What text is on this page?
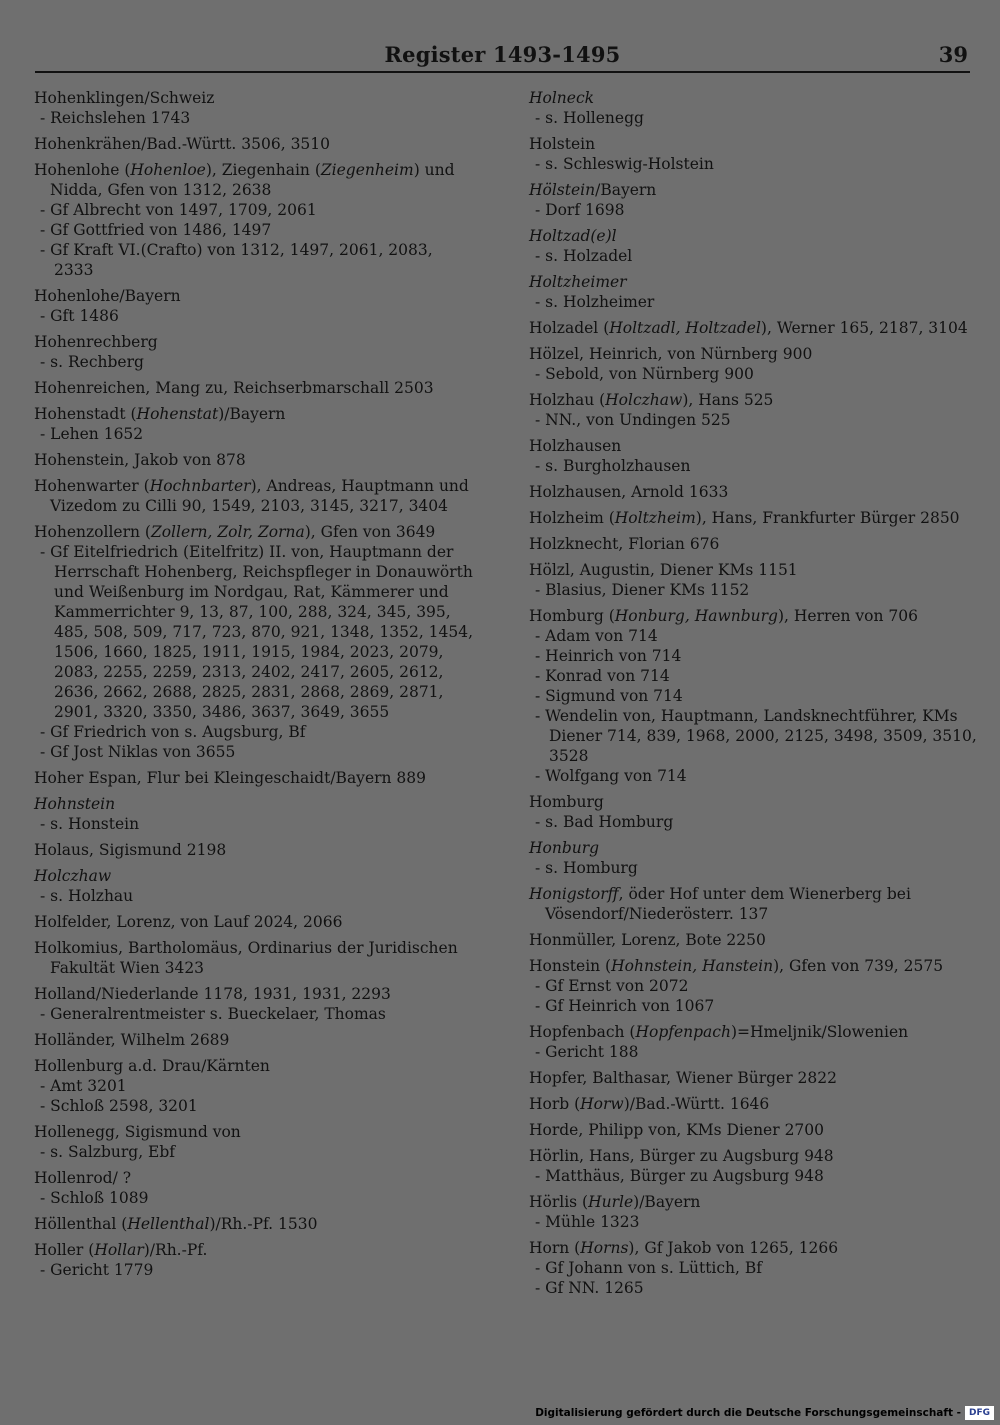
Register 1493-1495	39
Hohenklingen/Schweiz
- Reichslehen 1743
Hohenkrähen/Bad.-Württ. 3506, 3510
Hohenlohe (Hohenloe), Ziegenhain (Ziegenheim) und Nidda, Gfen von 1312, 2638
- Gf Albrecht von 1497, 1709, 2061
- Gf Gottfried von 1486, 1497
- Gf Kraft VI.(Crafto) von 1312, 1497, 2061, 2083, 2333
Hohenlohe/Bayern
- Gft 1486
Hohenrechberg
- s. Rechberg
Hohenreichen, Mang zu, Reichserbmarschall 2503
Hohenstadt (Hohenstat)/Bayern
- Lehen 1652
Hohenstein, Jakob von 878
Hohenwarter (Hochnbarter), Andreas, Hauptmann und Vizedom zu Cilli 90, 1549, 2103, 3145, 3217, 3404
Hohenzollern (Zollern, Zolr, Zorna), Gfen von 3649
- Gf Eitelfriedrich (Eitelfritz) II. von, Hauptmann der Herrschaft Hohenberg, Reichspfleger in Donauwörth und Weißenburg im Nordgau, Rat, Kämmerer und Kammerrichter 9, 13, 87, 100, 288, 324, 345, 395, 485, 508, 509, 717, 723, 870, 921, 1348, 1352, 1454, 1506, 1660, 1825, 1911, 1915, 1984, 2023, 2079, 2083, 2255, 2259, 2313, 2402, 2417, 2605, 2612, 2636, 2662, 2688, 2825, 2831, 2868, 2869, 2871, 2901, 3320, 3350, 3486, 3637, 3649, 3655
- Gf Friedrich von s. Augsburg, Bf
- Gf Jost Niklas von 3655
Hoher Espan, Flur bei Kleingeschaidt/Bayern 889
Hohnstein
- s. Honstein
Holaus, Sigismund 2198
Holczhaw
- s. Holzhau
Holfelder, Lorenz, von Lauf 2024, 2066
Holkomius, Bartholomäus, Ordinarius der Juridischen Fakultät Wien 3423
Holland/Niederlande 1178, 1931, 1931, 2293
- Generalrentmeister s. Bueckelaer, Thomas
Holländer, Wilhelm 2689
Hollenburg a.d. Drau/Kärnten
- Amt 3201
- Schloß 2598, 3201
Hollenegg, Sigismund von
- s. Salzburg, Ebf
Hollenrod/ ?
- Schloß 1089
Höllenthal (Hellenthal)/Rh.-Pf. 1530
Holler (Hollar)/Rh.-Pf.
- Gericht 1779
Holneck
- s. Hollenegg
Holstein
- s. Schleswig-Holstein
Hölstein/Bayern
- Dorf 1698
Holtzad(e)l
- s. Holzadel
Holtzheimer
- s. Holzheimer
Holzadel (Holtzadl, Holtzadel), Werner 165, 2187, 3104
Hölzel, Heinrich, von Nürnberg 900
- Sebold, von Nürnberg 900
Holzhau (Holczhaw), Hans 525
- NN., von Undingen 525
Holzhausen
- s. Burgholzhausen
Holzhausen, Arnold 1633
Holzheim (Holtzheim), Hans, Frankfurter Bürger 2850
Holzknecht, Florian 676
Hölzl, Augustin, Diener KMs 1151
- Blasius, Diener KMs 1152
Homburg (Honburg, Hawnburg), Herren von 706
- Adam von 714
- Heinrich von 714
- Konrad von 714
- Sigmund von 714
- Wendelin von, Hauptmann, Landsknechtführer, KMs Diener 714, 839, 1968, 2000, 2125, 3498, 3509, 3510, 3528
- Wolfgang von 714
Homburg
- s. Bad Homburg
Honburg
- s. Homburg
Honigstorff, öder Hof unter dem Wienerberg bei Vösendorf/Niederösterr. 137
Honmüller, Lorenz, Bote 2250
Honstein (Hohnstein, Hanstein), Gfen von 739, 2575
- Gf Ernst von 2072
- Gf Heinrich von 1067
Hopfenbach (Hopfenpach)=Hmeljnik/Slowenien
- Gericht 188
Hopfer, Balthasar, Wiener Bürger 2822
Horb (Horw)/Bad.-Württ. 1646
Horde, Philipp von, KMs Diener 2700
Hörlin, Hans, Bürger zu Augsburg 948
- Matthäus, Bürger zu Augsburg 948
Hörlis (Hurle)/Bayern
- Mühle 1323
Horn (Horns), Gf Jakob von 1265, 1266
- Gf Johann von s. Lüttich, Bf
- Gf NN. 1265
Digitalisierung gefördert durch die Deutsche Forschungsgemeinschaft - DFG
